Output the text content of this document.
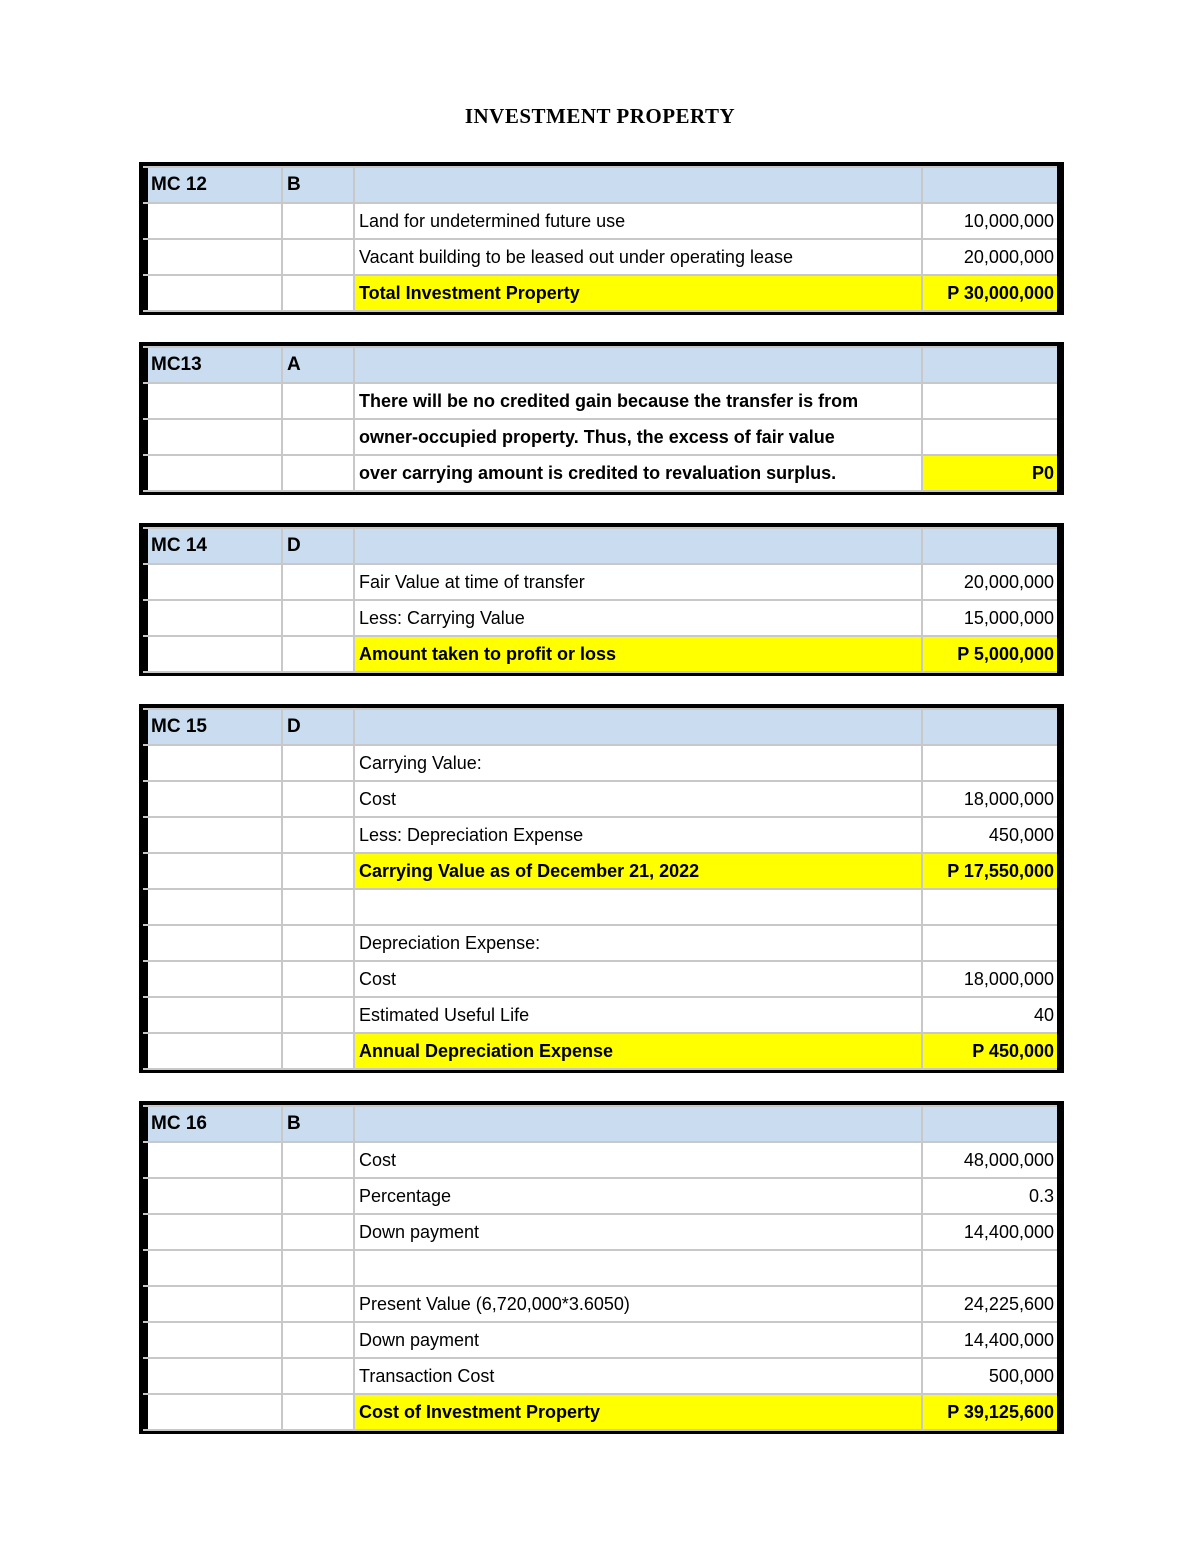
INVESTMENT PROPERTY
MC 12	B		
		Land for undetermined future use	10,000,000
		Vacant building to be leased out under operating lease	20,000,000
		Total Investment Property	P 30,000,000
MC13	A		
		There will be no credited gain because the transfer is from	
		owner-occupied property. Thus, the excess of fair value	
		over carrying amount is credited to revaluation surplus.	P0
MC 14	D		
		Fair Value at time of transfer	20,000,000
		Less: Carrying Value	15,000,000
		Amount taken to profit or loss	P 5,000,000
MC 15	D		
		Carrying Value:	
		Cost	18,000,000
		Less: Depreciation Expense	450,000
		Carrying Value as of December 21, 2022	P 17,550,000

		Depreciation Expense:	
		Cost	18,000,000
		Estimated Useful Life	40
		Annual Depreciation Expense	P 450,000
MC 16	B		
		Cost	48,000,000
		Percentage	0.3
		Down payment	14,400,000

		Present Value (6,720,000*3.6050)	24,225,600
		Down payment	14,400,000
		Transaction Cost	500,000
		Cost of Investment Property	P 39,125,600
